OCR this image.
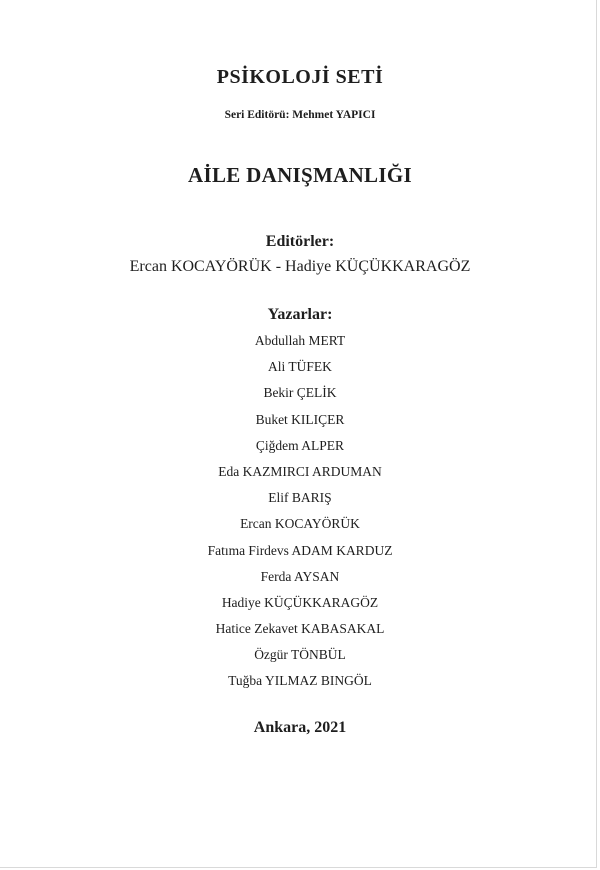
PSİKOLOJİ SETİ
Seri Editörü: Mehmet YAPICI
AİLE DANIŞMANLIĞI
Editörler:
Ercan KOCAYÖRÜK - Hadiye KÜÇÜKKARAGÖZ
Yazarlar:
Abdullah MERT
Ali TÜFEK
Bekir ÇELİK
Buket KILIÇER
Çiğdem ALPER
Eda KAZMIRCI ARDUMAN
Elif BARIŞ
Ercan KOCAYÖRÜK
Fatıma Firdevs ADAM KARDUZ
Ferda AYSAN
Hadiye KÜÇÜKKARAGÖZ
Hatice Zekavet KABASAKAL
Özgür TÖNBÜL
Tuğba YILMAZ BINGÖL
Ankara, 2021
